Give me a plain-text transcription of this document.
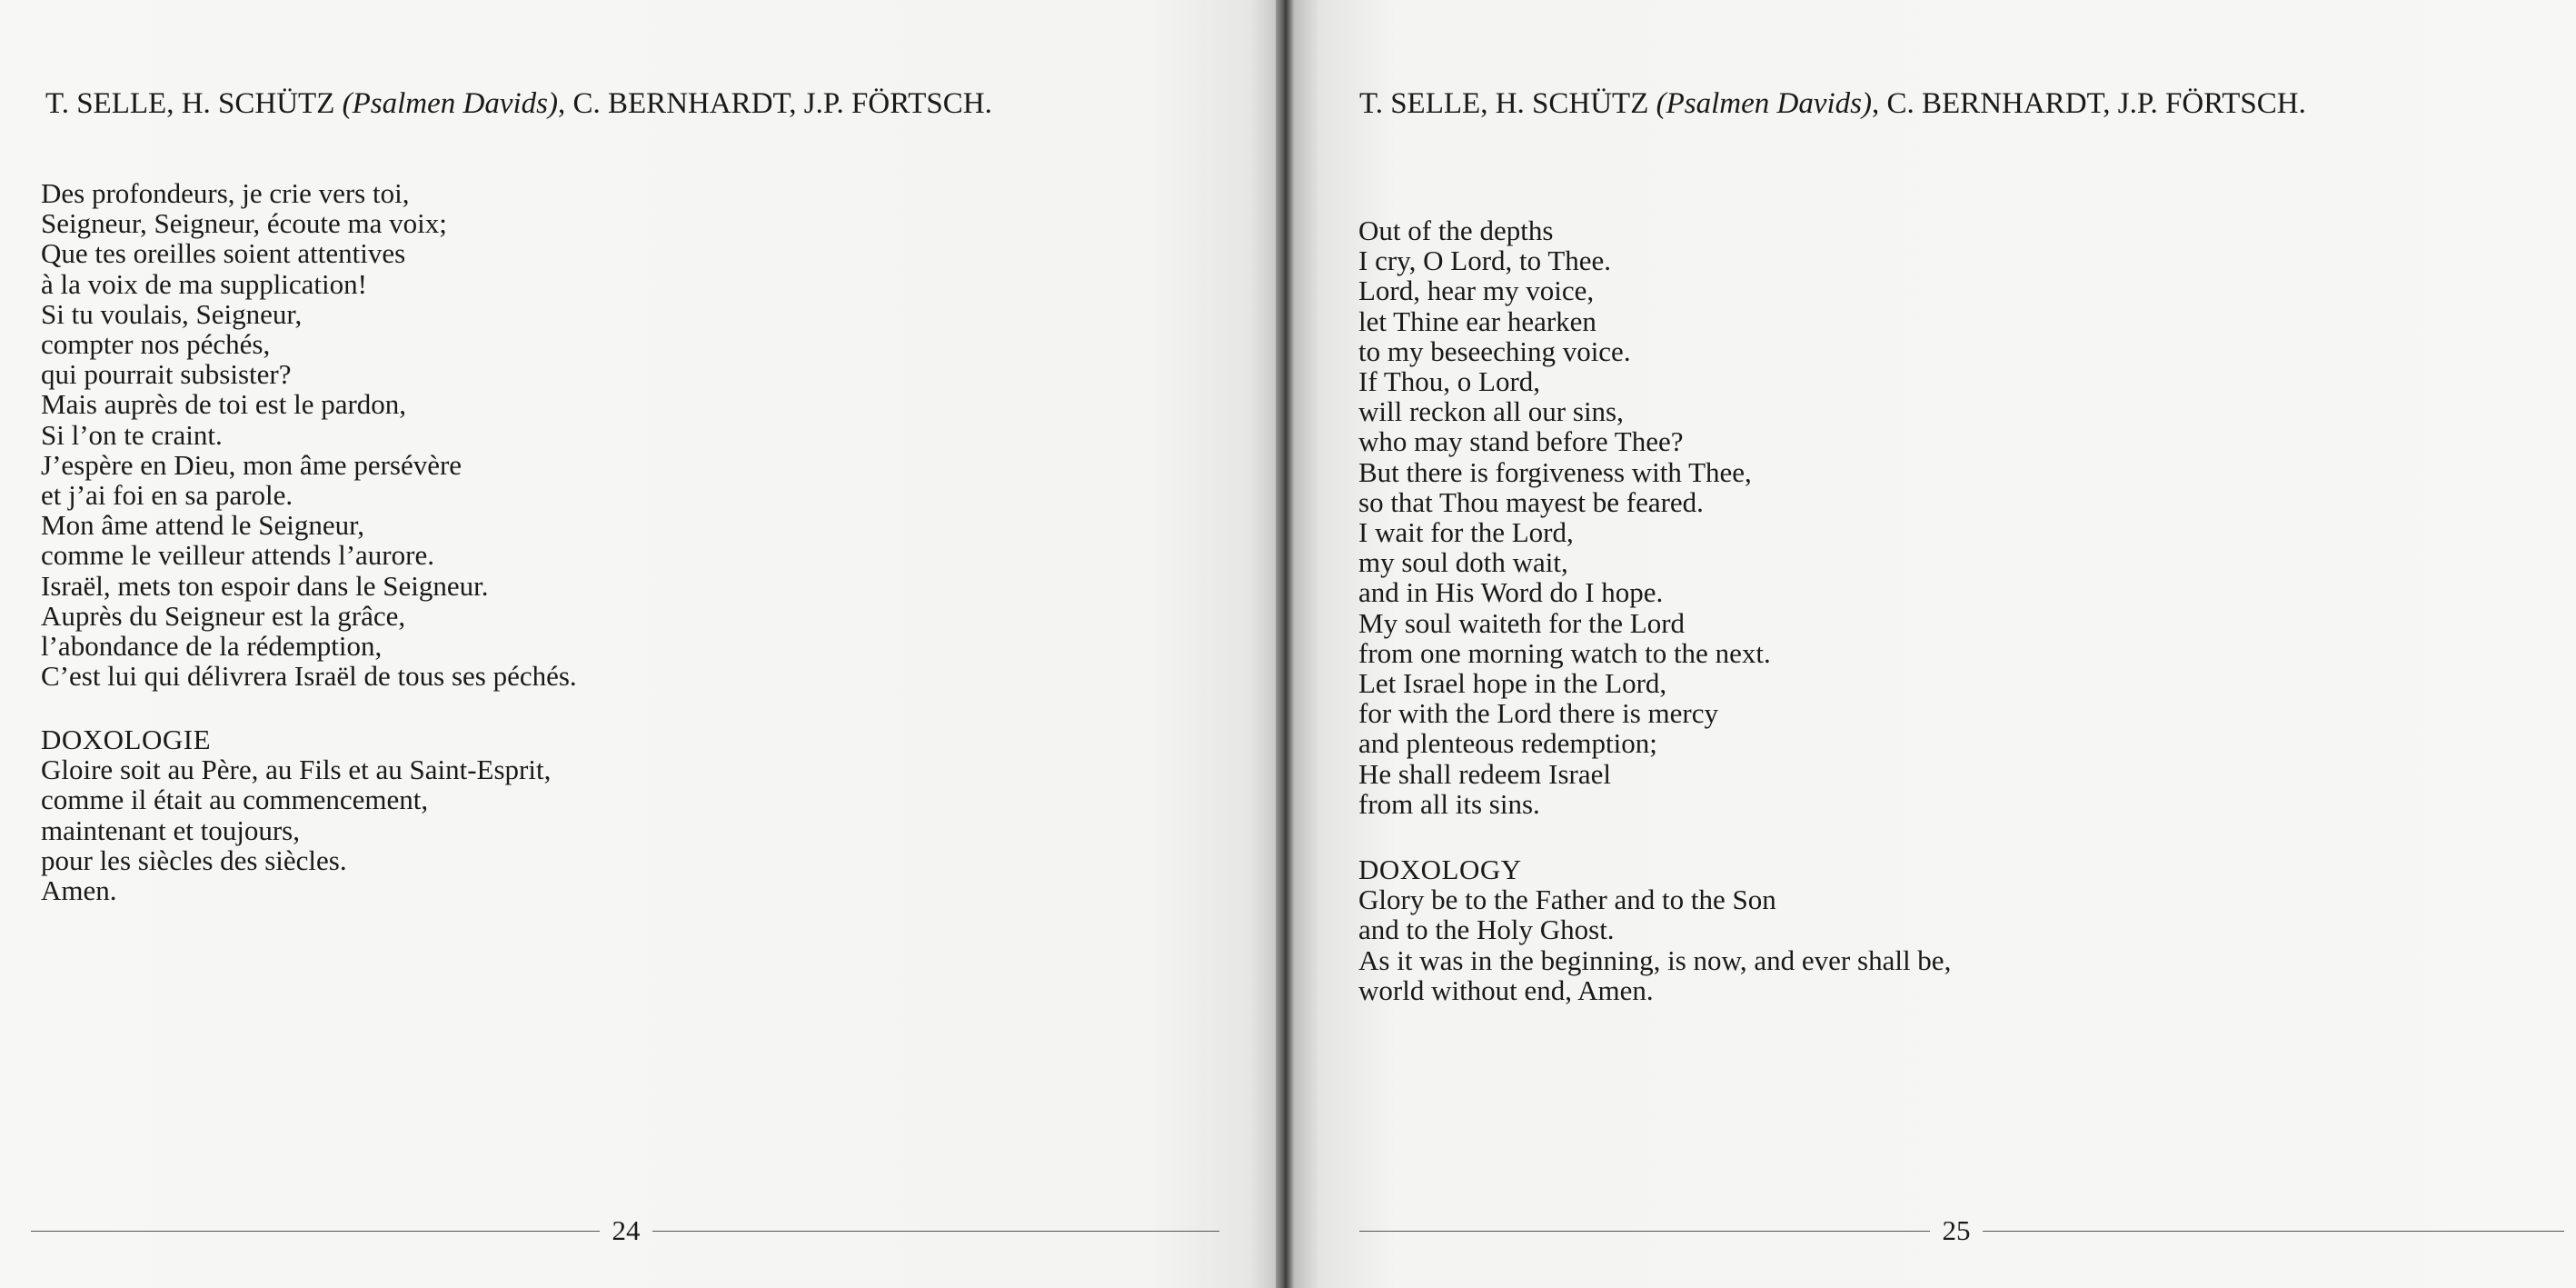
T. SELLE, H. SCHÜTZ (Psalmen Davids), C. BERNHARDT, J.P. FÖRTSCH.

Des profondeurs, je crie vers toi,
Seigneur, Seigneur, écoute ma voix;
Que tes oreilles soient attentives
à la voix de ma supplication!
Si tu voulais, Seigneur,
compter nos péchés,
qui pourrait subsister?
Mais auprès de toi est le pardon,
Si l’on te craint.
J’espère en Dieu, mon âme persévère
et j’ai foi en sa parole.
Mon âme attend le Seigneur,
comme le veilleur attends l’aurore.
Israël, mets ton espoir dans le Seigneur.
Auprès du Seigneur est la grâce,
l’abondance de la rédemption,
C’est lui qui délivrera Israël de tous ses péchés.
DOXOLOGIE
Gloire soit au Père, au Fils et au Saint-Esprit,
comme il était au commencement,
maintenant et toujours,
pour les siècles des siècles.
Amen.
24

T. SELLE, H. SCHÜTZ (Psalmen Davids), C. BERNHARDT, J.P. FÖRTSCH.

Out of the depths
I cry, O Lord, to Thee.
Lord, hear my voice,
let Thine ear hearken
to my beseeching voice.
If Thou, o Lord,
will reckon all our sins,
who may stand before Thee?
But there is forgiveness with Thee,
so that Thou mayest be feared.
I wait for the Lord,
my soul doth wait,
and in His Word do I hope.
My soul waiteth for the Lord
from one morning watch to the next.
Let Israel hope in the Lord,
for with the Lord there is mercy
and plenteous redemption;
He shall redeem Israel
from all its sins.
DOXOLOGY
Glory be to the Father and to the Son
and to the Holy Ghost.
As it was in the beginning, is now, and ever shall be,
world without end, Amen.
25
